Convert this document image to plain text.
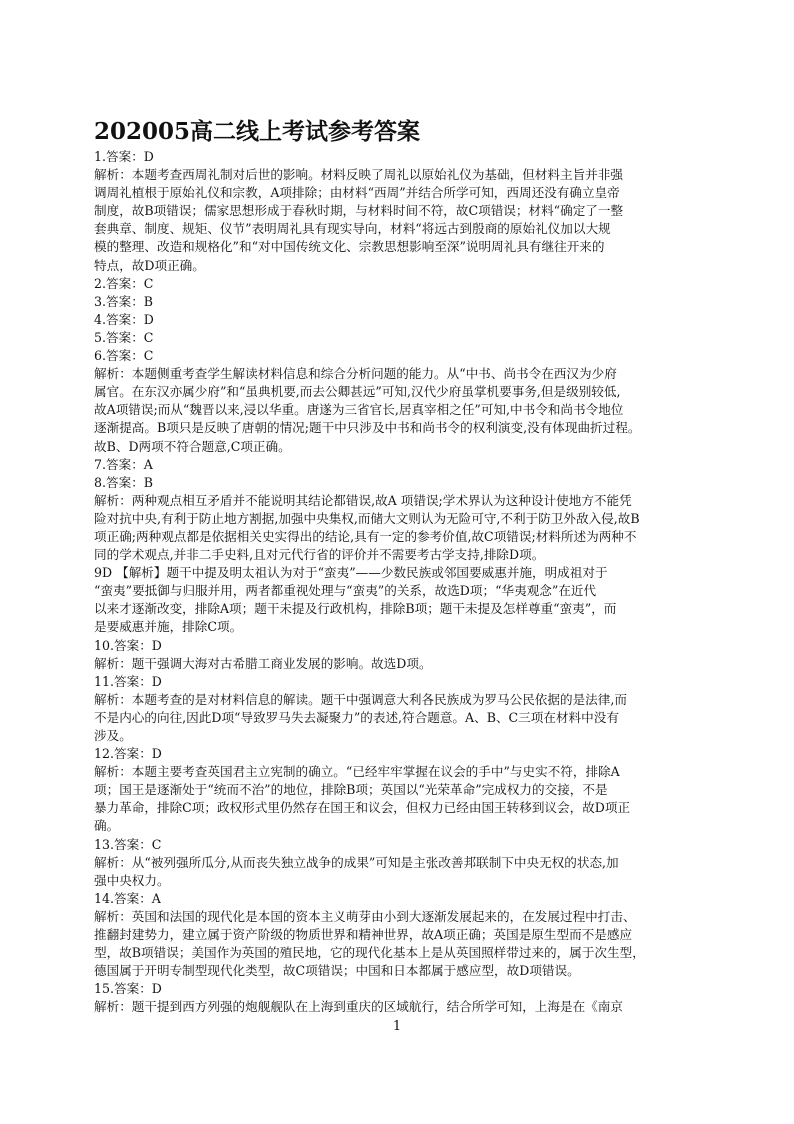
202005高二线上考试参考答案
1.答案：D
解析：本题考查西周礼制对后世的影响。材料反映了周礼以原始礼仪为基础，但材料主旨并非强
调周礼植根于原始礼仪和宗教，A项排除；由材料“西周”并结合所学可知，西周还没有确立皇帝
制度，故B项错误；儒家思想形成于春秋时期，与材料时间不符，故C项错误；材料“确定了一整
套典章、制度、规矩、仪节”表明周礼具有现实导向，材料“将远古到殷商的原始礼仪加以大规
模的整理、改造和规格化”和“对中国传统文化、宗教思想影响至深”说明周礼具有继往开来的
特点，故D项正确。
2.答案：C
3.答案：B
4.答案：D
5.答案：C
6.答案：C
解析：本题侧重考查学生解读材料信息和综合分析问题的能力。从“中书、尚书令在西汉为少府
属官。在东汉亦属少府”和“虽典机要,而去公卿甚远”可知,汉代少府虽掌机要事务,但是级别较低,
故A项错误;而从“魏晋以来,浸以华重。唐遂为三省官长,居真宰相之任”可知,中书令和尚书令地位
逐渐提高。B项只是反映了唐朝的情况;题干中只涉及中书和尚书令的权利演变,没有体现曲折过程。
故B、D两项不符合题意,C项正确。
7.答案：A
8.答案：B
解析：两种观点相互矛盾并不能说明其结论都错误,故A 项错误;学术界认为这种设计使地方不能凭
险对抗中央,有利于防止地方割据,加强中央集权,而储大文则认为无险可守,不利于防卫外敌入侵,故B
项正确;两种观点都是依据相关史实得出的结论,具有一定的参考价值,故C项错误;材料所述为两种不
同的学术观点,并非二手史料,且对元代行省的评价并不需要考古学支持,排除D项。
9D 【解析】题干中提及明太祖认为对于“蛮夷”——少数民族或邻国要威惠并施，明成祖对于
“蛮夷”要抵御与归服并用，两者都重视处理与“蛮夷”的关系，故选D项；“华夷观念”在近代
以来才逐渐改变，排除A项；题干未提及行政机构，排除B项；题干未提及怎样尊重“蛮夷”，而
是要威惠并施，排除C项。
10.答案：D
解析：题干强调大海对古希腊工商业发展的影响。故选D项。
11.答案：D
解析：本题考查的是对材料信息的解读。题干中强调意大利各民族成为罗马公民依据的是法律,而
不是内心的向往,因此D项“导致罗马失去凝聚力”的表述,符合题意。A、B、C三项在材料中没有
涉及。
12.答案：D
解析：本题主要考查英国君主立宪制的确立。“已经牢牢掌握在议会的手中”与史实不符，排除A
项；国王是逐渐处于“统而不治”的地位，排除B项；英国以“光荣革命”完成权力的交接，不是
暴力革命，排除C项；政权形式里仍然存在国王和议会，但权力已经由国王转移到议会，故D项正
确。
13.答案：C
解析：从“被列强所瓜分,从而丧失独立战争的成果”可知是主张改善邦联制下中央无权的状态,加
强中央权力。
14.答案：A
解析：英国和法国的现代化是本国的资本主义萌芽由小到大逐渐发展起来的，在发展过程中打击、
推翻封建势力，建立属于资产阶级的物质世界和精神世界，故A项正确；英国是原生型而不是感应
型，故B项错误；美国作为英国的殖民地，它的现代化基本上是从英国照样带过来的，属于次生型，
德国属于开明专制型现代化类型，故C项错误；中国和日本都属于感应型，故D项错误。
15.答案：D
解析：题干提到西方列强的炮舰舰队在上海到重庆的区域航行，结合所学可知，上海是在《南京
1
